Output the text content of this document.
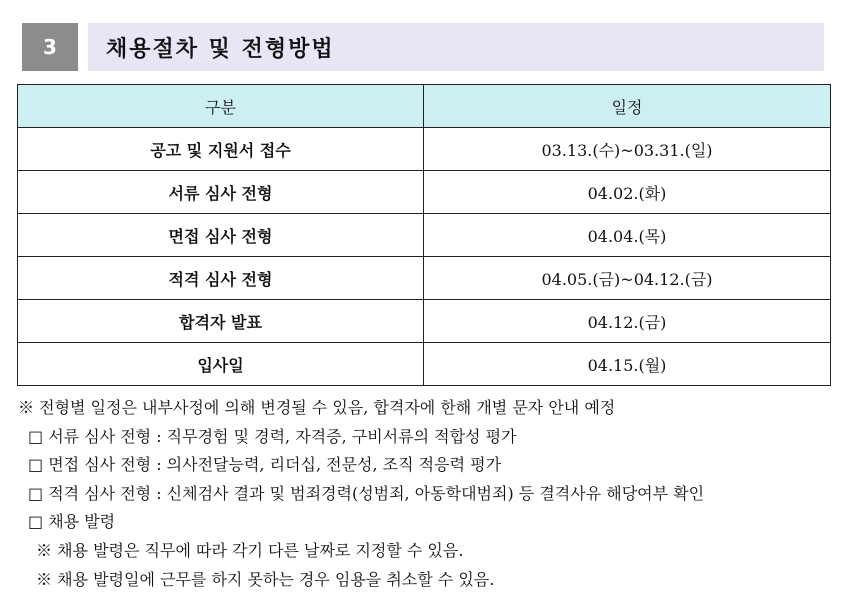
3	채용절차 및 전형방법
구분	일정
공고 및 지원서 접수	03.13.(수)~03.31.(일)
서류 심사 전형	04.02.(화)
면접 심사 전형	04.04.(목)
적격 심사 전형	04.05.(금)~04.12.(금)
합격자 발표	04.12.(금)
입사일	04.15.(월)
※ 전형별 일정은 내부사정에 의해 변경될 수 있음, 합격자에 한해 개별 문자 안내 예정
□ 서류 심사 전형 : 직무경험 및 경력, 자격증, 구비서류의 적합성 평가
□ 면접 심사 전형 : 의사전달능력, 리더십, 전문성, 조직 적응력 평가
□ 적격 심사 전형 : 신체검사 결과 및 범죄경력(성범죄, 아동학대범죄) 등 결격사유 해당여부 확인
□ 채용 발령
※ 채용 발령은 직무에 따라 각기 다른 날짜로 지정할 수 있음.
※ 채용 발령일에 근무를 하지 못하는 경우 임용을 취소할 수 있음.
